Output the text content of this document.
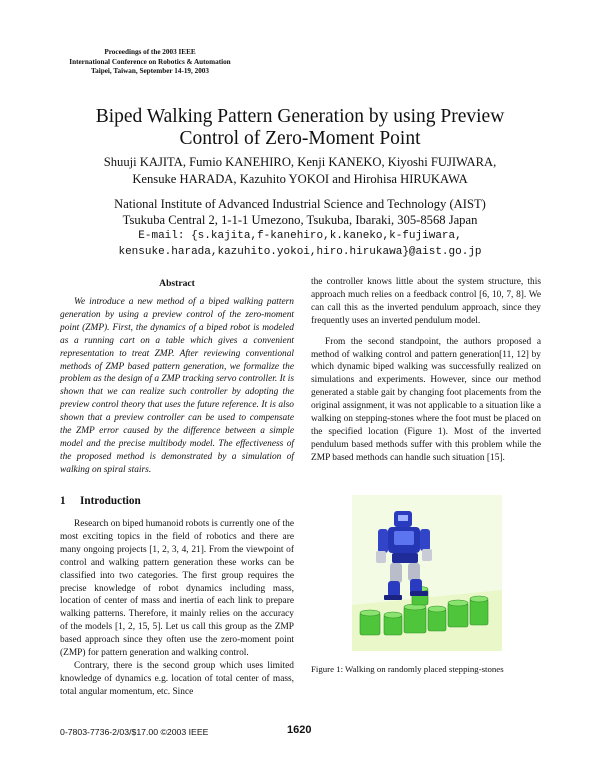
Proceedings of the 2003 IEEE
International Conference on Robotics & Automation
Taipei, Taiwan, September 14-19, 2003
Biped Walking Pattern Generation by using Preview
Control of Zero-Moment Point
Shuuji KAJITA, Fumio KANEHIRO, Kenji KANEKO, Kiyoshi FUJIWARA,
Kensuke HARADA, Kazuhito YOKOI and Hirohisa HIRUKAWA
National Institute of Advanced Industrial Science and Technology (AIST)
Tsukuba Central 2, 1-1-1 Umezono, Tsukuba, Ibaraki, 305-8568 Japan
E-mail: {s.kajita,f-kanehiro,k.kaneko,k-fujiwara,
kensuke.harada,kazuhito.yokoi,hiro.hirukawa}@aist.go.jp
Abstract

We introduce a new method of a biped walking pattern generation by using a preview control of the zero-moment point (ZMP). First, the dynamics of a biped robot is modeled as a running cart on a table which gives a convenient representation to treat ZMP. After reviewing conventional methods of ZMP based pattern generation, we formalize the problem as the design of a ZMP tracking servo controller. It is shown that we can realize such controller by adopting the preview control theory that uses the future reference. It is also shown that a preview controller can be used to compensate the ZMP error caused by the difference between a simple model and the precise multibody model. The effectiveness of the proposed method is demonstrated by a simulation of walking on spiral stairs.

1 Introduction

Research on biped humanoid robots is currently one of the most exciting topics in the field of robotics and there are many ongoing projects [1, 2, 3, 4, 21]. From the viewpoint of control and walking pattern generation these works can be classified into two categories. The first group requires the precise knowledge of robot dynamics including mass, location of center of mass and inertia of each link to prepare walking patterns. Therefore, it mainly relies on the accuracy of the models [1, 2, 15, 5]. Let us call this group as the ZMP based approach since they often use the zero-moment point (ZMP) for pattern generation and walking control.

Contrary, there is the second group which uses limited knowledge of dynamics e.g. location of total center of mass, total angular momentum, etc. Since

the controller knows little about the system structure, this approach much relies on a feedback control [6, 10, 7, 8]. We can call this as the inverted pendulum approach, since they frequently uses an inverted pendulum model.

From the second standpoint, the authors proposed a method of walking control and pattern generation[11, 12] by which dynamic biped walking was successfully realized on simulations and experiments. However, since our method generated a stable gait by changing foot placements from the original assignment, it was not applicable to a situation like a walking on stepping-stones where the foot must be placed on the specified location (Figure 1). Most of the inverted pendulum based methods suffer with this problem while the ZMP based methods can handle such situation [15].

Figure 1: Walking on randomly placed stepping-stones
0-7803-7736-2/03/$17.00 ©2003 IEEE	1620
